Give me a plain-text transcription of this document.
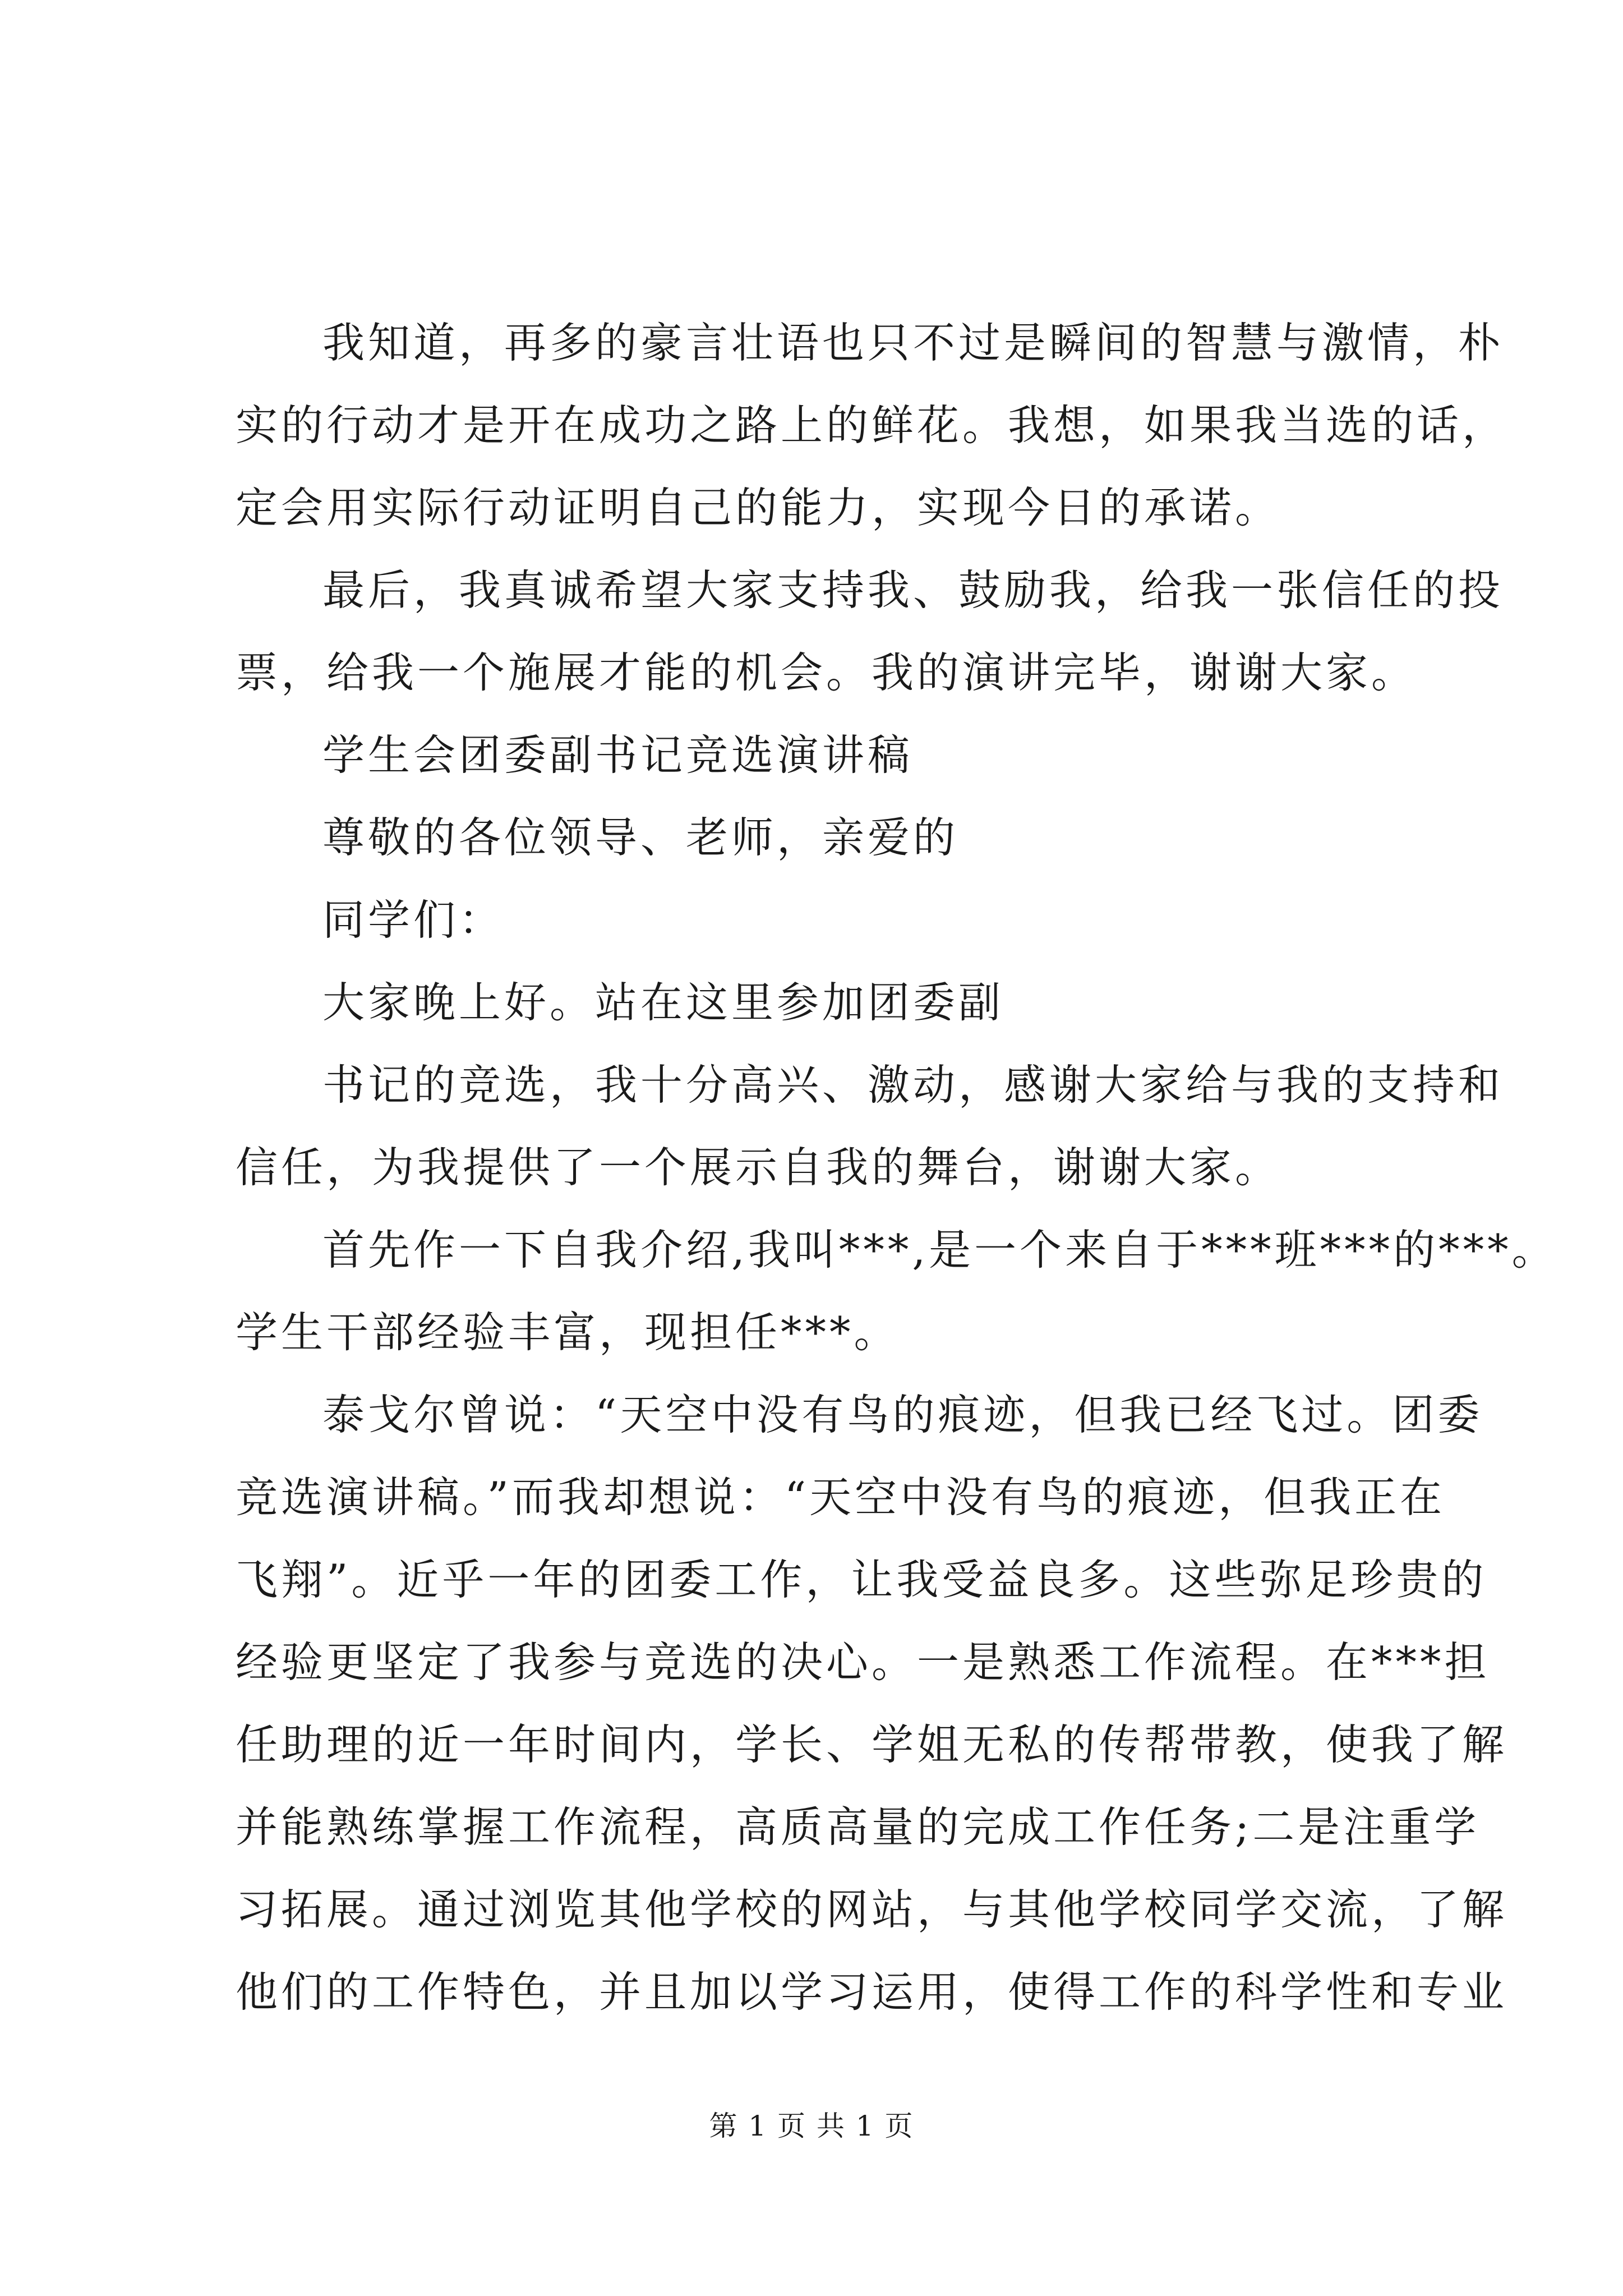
我知道，再多的豪言壮语也只不过是瞬间的智慧与激情，朴
实的行动才是开在成功之路上的鲜花。我想，如果我当选的话，
定会用实际行动证明自己的能力，实现今日的承诺。
最后，我真诚希望大家支持我、鼓励我，给我一张信任的投
票，给我一个施展才能的机会。我的演讲完毕，谢谢大家。
学生会团委副书记竞选演讲稿
尊敬的各位领导、老师，亲爱的
同学们：
大家晚上好。站在这里参加团委副
书记的竞选，我十分高兴、激动，感谢大家给与我的支持和
信任，为我提供了一个展示自我的舞台，谢谢大家。
首先作一下自我介绍,我叫***,是一个来自于***班***的***。
学生干部经验丰富，现担任***。
泰戈尔曾说：“天空中没有鸟的痕迹，但我已经飞过。团委
竞选演讲稿。”而我却想说：“天空中没有鸟的痕迹，但我正在
飞翔”。近乎一年的团委工作，让我受益良多。这些弥足珍贵的
经验更坚定了我参与竞选的决心。一是熟悉工作流程。在***担
任助理的近一年时间内，学长、学姐无私的传帮带教，使我了解
并能熟练掌握工作流程，高质高量的完成工作任务;二是注重学
习拓展。通过浏览其他学校的网站，与其他学校同学交流，了解
他们的工作特色，并且加以学习运用，使得工作的科学性和专业
第 1 页 共 1 页
